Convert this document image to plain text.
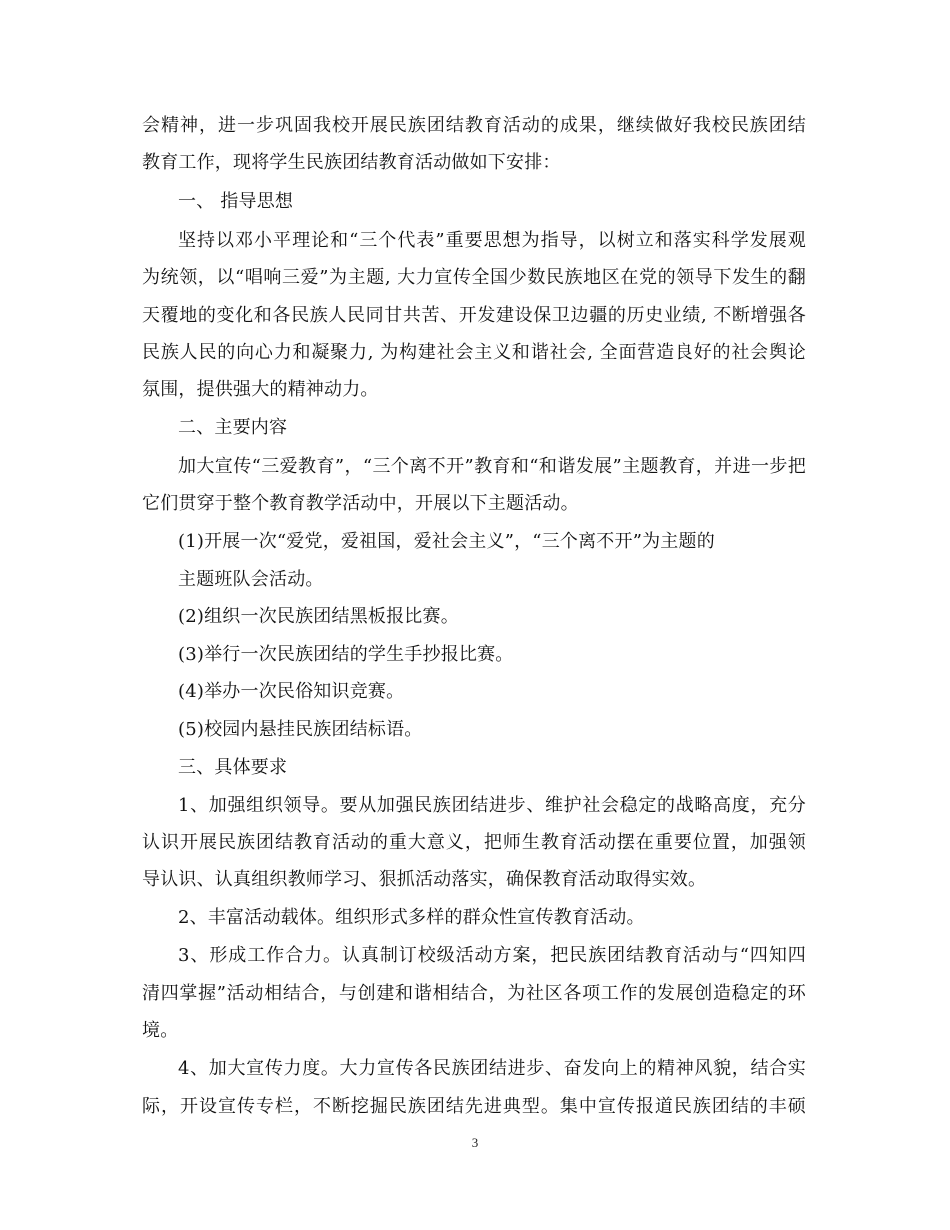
会精神，进一步巩固我校开展民族团结教育活动的成果，继续做好我校民族团结
教育工作，现将学生民族团结教育活动做如下安排：
一、 指导思想
坚持以邓小平理论和“三个代表”重要思想为指导，以树立和落实科学发展观
为统领，以“唱响三爱”为主题, 大力宣传全国少数民族地区在党的领导下发生的翻
天覆地的变化和各民族人民同甘共苦、开发建设保卫边疆的历史业绩, 不断增强各
民族人民的向心力和凝聚力, 为构建社会主义和谐社会, 全面营造良好的社会舆论
氛围，提供强大的精神动力。
二、主要内容
加大宣传“三爱教育”，“三个离不开”教育和“和谐发展”主题教育，并进一步把
它们贯穿于整个教育教学活动中，开展以下主题活动。
(1)开展一次“爱党，爱祖国，爱社会主义”，“三个离不开”为主题的
主题班队会活动。
(2)组织一次民族团结黑板报比赛。
(3)举行一次民族团结的学生手抄报比赛。
(4)举办一次民俗知识竞赛。
(5)校园内悬挂民族团结标语。
三、具体要求
1、加强组织领导。要从加强民族团结进步、维护社会稳定的战略高度，充分
认识开展民族团结教育活动的重大意义，把师生教育活动摆在重要位置，加强领
导认识、认真组织教师学习、狠抓活动落实，确保教育活动取得实效。
2、丰富活动载体。组织形式多样的群众性宣传教育活动。
3、形成工作合力。认真制订校级活动方案，把民族团结教育活动与“四知四
清四掌握”活动相结合，与创建和谐相结合，为社区各项工作的发展创造稳定的环
境。
4、加大宣传力度。大力宣传各民族团结进步、奋发向上的精神风貌，结合实
际，开设宣传专栏，不断挖掘民族团结先进典型。集中宣传报道民族团结的丰硕
3
